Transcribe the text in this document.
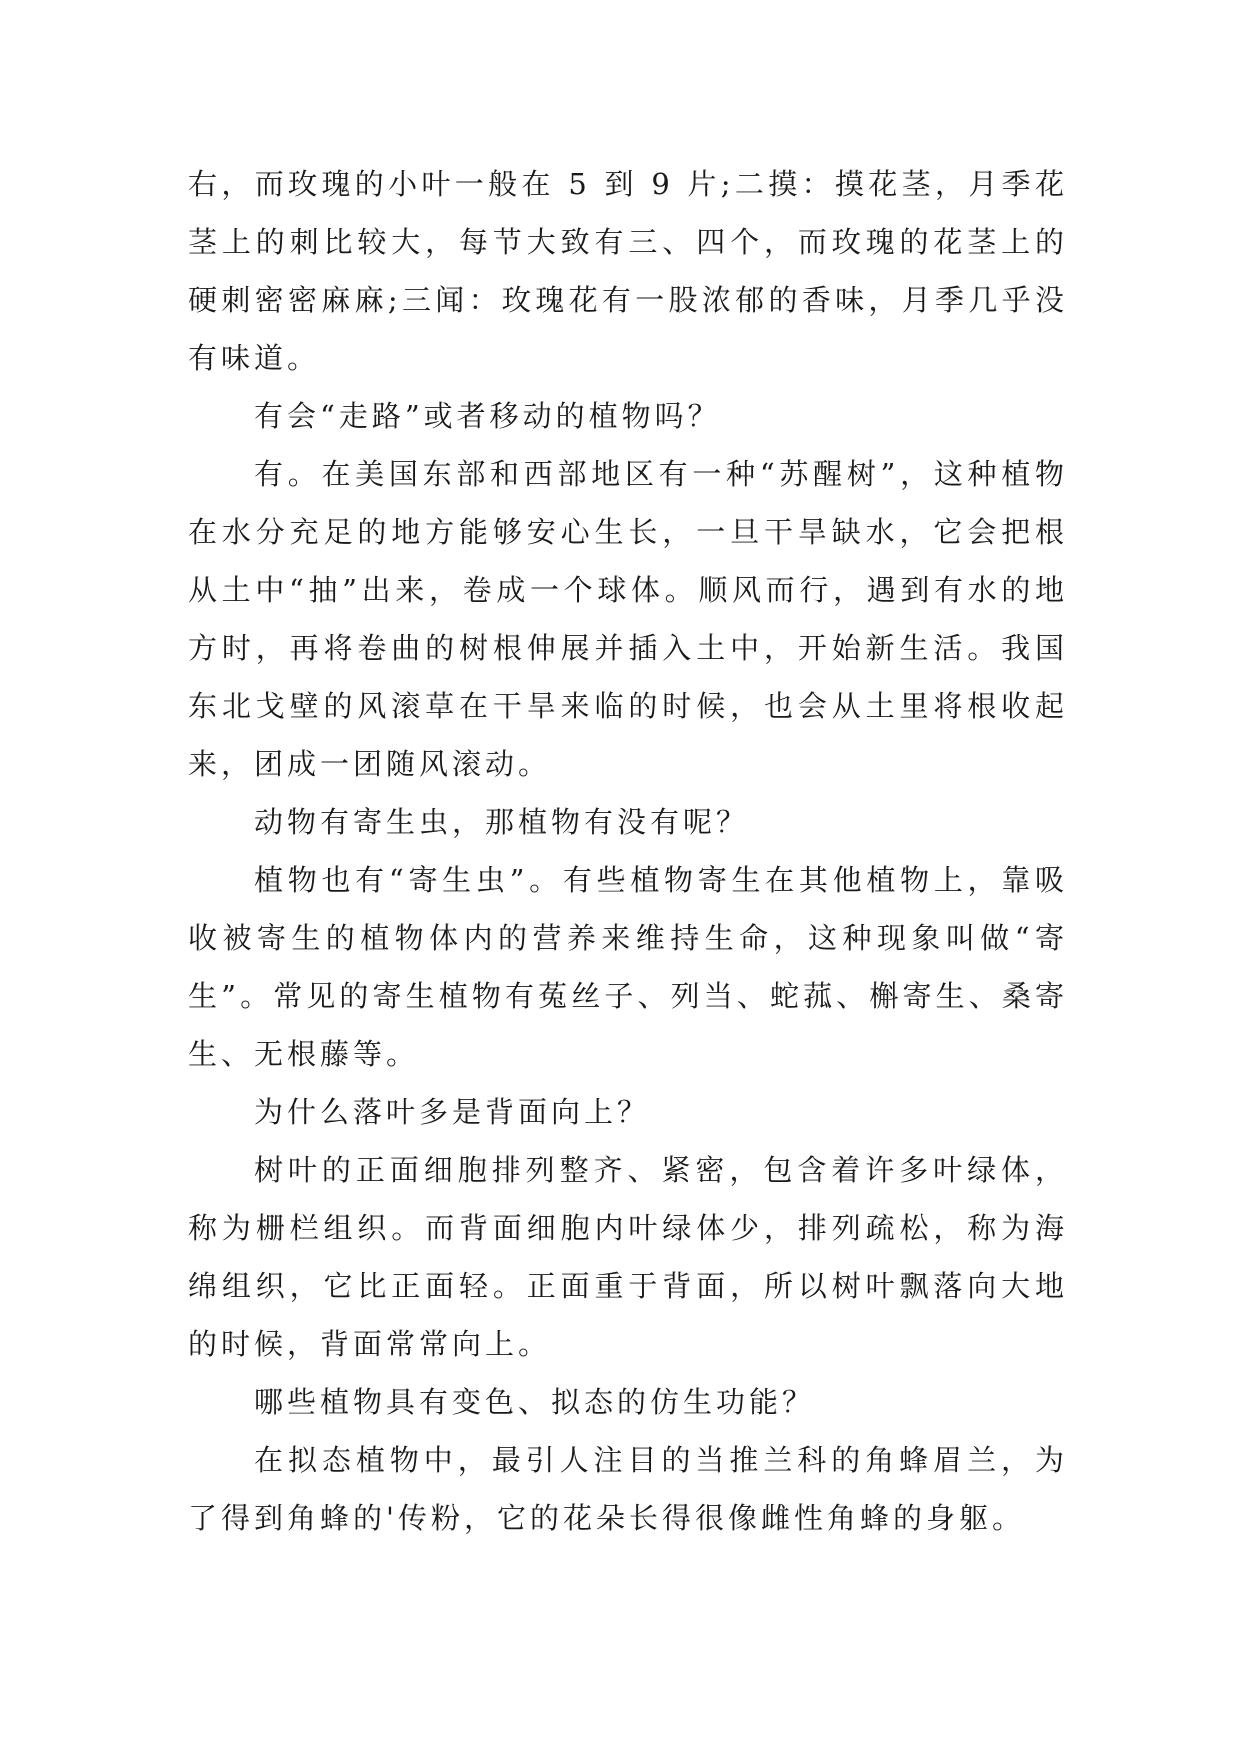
右，而玫瑰的小叶一般在 5 到 9 片;二摸：摸花茎，月季花茎上的刺比较大，每节大致有三、四个，而玫瑰的花茎上的硬刺密密麻麻;三闻：玫瑰花有一股浓郁的香味，月季几乎没有味道。

有会“走路”或者移动的植物吗？

有。在美国东部和西部地区有一种“苏醒树”，这种植物在水分充足的地方能够安心生长，一旦干旱缺水，它会把根从土中“抽”出来，卷成一个球体。顺风而行，遇到有水的地方时，再将卷曲的树根伸展并插入土中，开始新生活。我国东北戈壁的风滚草在干旱来临的时候，也会从土里将根收起来，团成一团随风滚动。

动物有寄生虫，那植物有没有呢？

植物也有“寄生虫”。有些植物寄生在其他植物上，靠吸收被寄生的植物体内的营养来维持生命，这种现象叫做“寄生”。常见的寄生植物有菟丝子、列当、蛇菰、槲寄生、桑寄生、无根藤等。

为什么落叶多是背面向上？

树叶的正面细胞排列整齐、紧密，包含着许多叶绿体，称为栅栏组织。而背面细胞内叶绿体少，排列疏松，称为海绵组织，它比正面轻。正面重于背面，所以树叶飘落向大地的时候，背面常常向上。

哪些植物具有变色、拟态的仿生功能？

在拟态植物中，最引人注目的当推兰科的角蜂眉兰，为了得到角蜂的'传粉，它的花朵长得很像雌性角蜂的身躯。
